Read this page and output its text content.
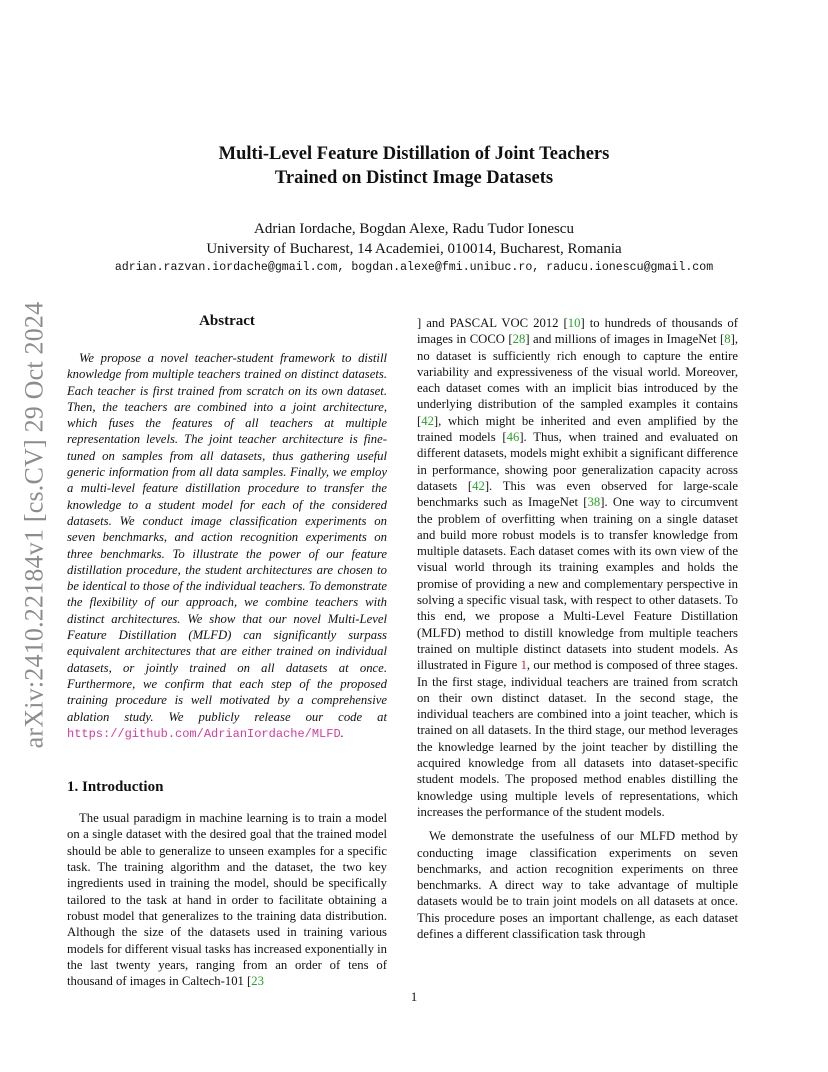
arXiv:2410.22184v1 [cs.CV] 29 Oct 2024
Multi-Level Feature Distillation of Joint Teachers
Trained on Distinct Image Datasets
Adrian Iordache, Bogdan Alexe, Radu Tudor Ionescu
University of Bucharest, 14 Academiei, 010014, Bucharest, Romania
adrian.razvan.iordache@gmail.com, bogdan.alexe@fmi.unibuc.ro, raducu.ionescu@gmail.com
Abstract

We propose a novel teacher-student framework to distill knowledge from multiple teachers trained on distinct datasets. Each teacher is first trained from scratch on its own dataset. Then, the teachers are combined into a joint architecture, which fuses the features of all teachers at multiple representation levels. The joint teacher architecture is fine-tuned on samples from all datasets, thus gathering useful generic information from all data samples. Finally, we employ a multi-level feature distillation procedure to transfer the knowledge to a student model for each of the considered datasets. We conduct image classification experiments on seven benchmarks, and action recognition experiments on three benchmarks. To illustrate the power of our feature distillation procedure, the student architectures are chosen to be identical to those of the individual teachers. To demonstrate the flexibility of our approach, we combine teachers with distinct architectures. We show that our novel Multi-Level Feature Distillation (MLFD) can significantly surpass equivalent architectures that are either trained on individual datasets, or jointly trained on all datasets at once. Furthermore, we confirm that each step of the proposed training procedure is well motivated by a comprehensive ablation study. We publicly release our code at https://github.com/AdrianIordache/MLFD.

1. Introduction

The usual paradigm in machine learning is to train a model on a single dataset with the desired goal that the trained model should be able to generalize to unseen examples for a specific task. The training algorithm and the dataset, the two key ingredients used in training the model, should be specifically tailored to the task at hand in order to facilitate obtaining a robust model that generalizes to the training data distribution. Although the size of the datasets used in training various models for different visual tasks has increased exponentially in the last twenty years, ranging from an order of tens of thousand of images in Caltech-101 [23

] and PASCAL VOC 2012 [10] to hundreds of thousands of images in COCO [28] and millions of images in ImageNet [8], no dataset is sufficiently rich enough to capture the entire variability and expressiveness of the visual world. Moreover, each dataset comes with an implicit bias introduced by the underlying distribution of the sampled examples it contains [42], which might be inherited and even amplified by the trained models [46]. Thus, when trained and evaluated on different datasets, models might exhibit a significant difference in performance, showing poor generalization capacity across datasets [42]. This was even observed for large-scale benchmarks such as ImageNet [38]. One way to circumvent the problem of overfitting when training on a single dataset and build more robust models is to transfer knowledge from multiple datasets. Each dataset comes with its own view of the visual world through its training examples and holds the promise of providing a new and complementary perspective in solving a specific visual task, with respect to other datasets. To this end, we propose a Multi-Level Feature Distillation (MLFD) method to distill knowledge from multiple teachers trained on multiple distinct datasets into student models. As illustrated in Figure 1, our method is composed of three stages. In the first stage, individual teachers are trained from scratch on their own distinct dataset. In the second stage, the individual teachers are combined into a joint teacher, which is trained on all datasets. In the third stage, our method leverages the knowledge learned by the joint teacher by distilling the acquired knowledge from all datasets into dataset-specific student models. The proposed method enables distilling the knowledge using multiple levels of representations, which increases the performance of the student models.

We demonstrate the usefulness of our MLFD method by conducting image classification experiments on seven benchmarks, and action recognition experiments on three benchmarks. A direct way to take advantage of multiple datasets would be to train joint models on all datasets at once. This procedure poses an important challenge, as each dataset defines a different classification task through

1
